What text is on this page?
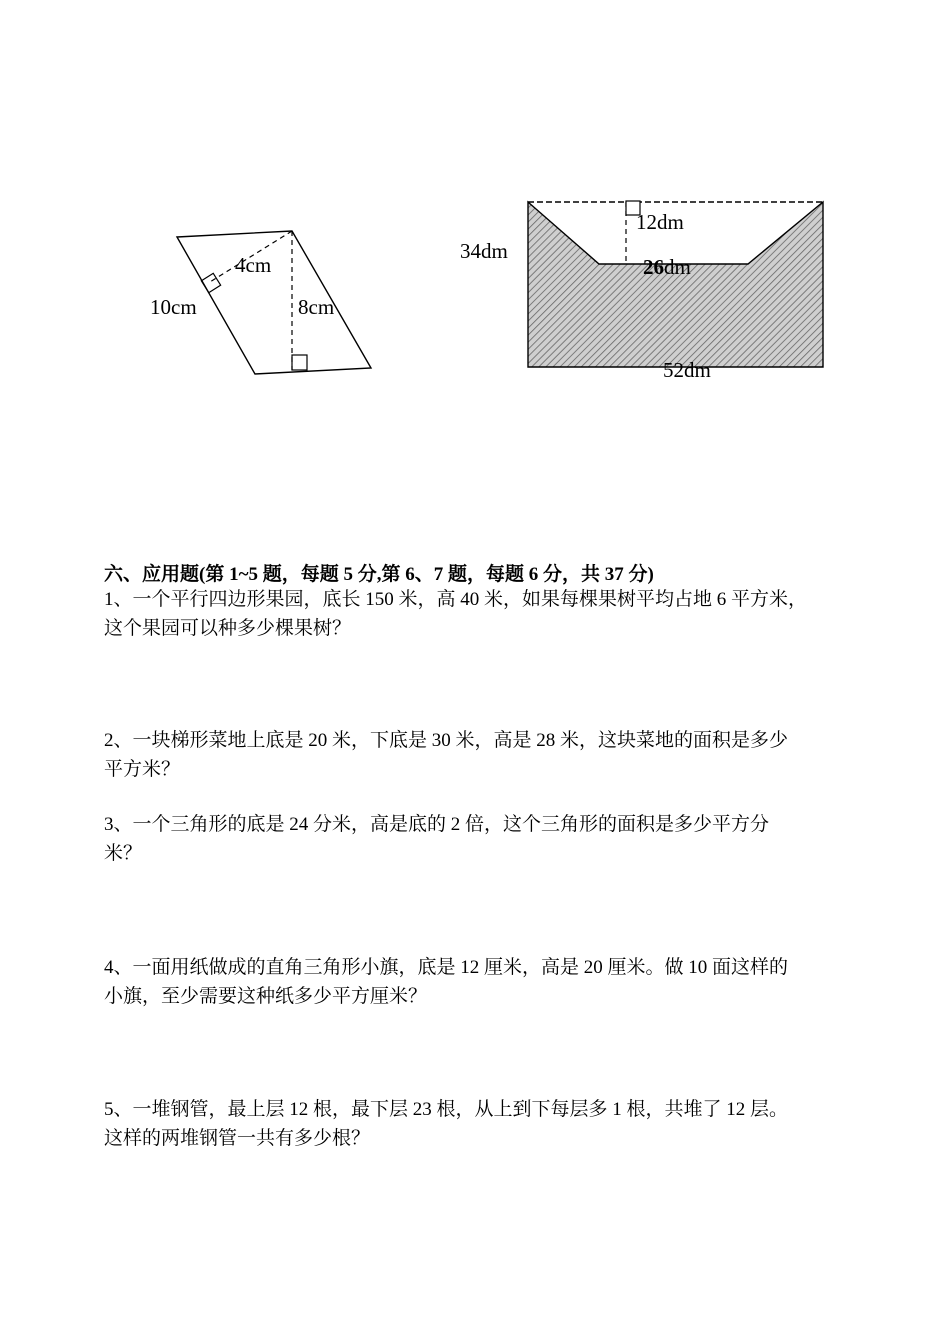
4cm
10cm	8cm
34dm
12dm
26dm
52dm
六、应用题(第 1~5 题，每题 5 分,第 6、7 题，每题 6 分，共 37 分)
1、一个平行四边形果园，底长 150 米，高 40 米，如果每棵果树平均占地 6 平方米，
这个果园可以种多少棵果树？
2、一块梯形菜地上底是 20 米，下底是 30 米，高是 28 米，这块菜地的面积是多少
平方米？
3、一个三角形的底是 24 分米，高是底的 2 倍，这个三角形的面积是多少平方分
米？
4、一面用纸做成的直角三角形小旗，底是 12 厘米，高是 20 厘米。做 10 面这样的
小旗，至少需要这种纸多少平方厘米？
5、一堆钢管，最上层 12 根，最下层 23 根，从上到下每层多 1 根，共堆了 12 层。
这样的两堆钢管一共有多少根？
